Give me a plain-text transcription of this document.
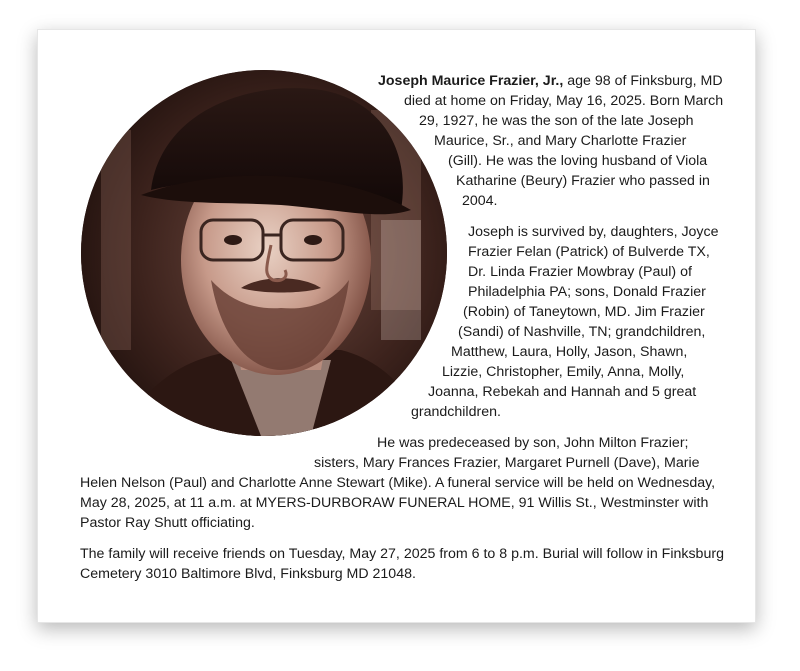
Joseph Maurice Frazier, Jr., age 98 of Finksburg, MD
died at home on Friday, May 16, 2025. Born March
29, 1927, he was the son of the late Joseph
Maurice, Sr., and Mary Charlotte Frazier
(Gill). He was the loving husband of Viola
Katharine (Beury) Frazier who passed in
2004.
Joseph is survived by, daughters, Joyce
Frazier Felan (Patrick) of Bulverde TX,
Dr. Linda Frazier Mowbray (Paul) of
Philadelphia PA; sons, Donald Frazier
(Robin) of Taneytown, MD. Jim Frazier
(Sandi) of Nashville, TN; grandchildren,
Matthew, Laura, Holly, Jason, Shawn,
Lizzie, Christopher, Emily, Anna, Molly,
Joanna, Rebekah and Hannah and 5 great
grandchildren.
He was predeceased by son, John Milton Frazier;
sisters, Mary Frances Frazier, Margaret Purnell (Dave), Marie
Helen Nelson (Paul) and Charlotte Anne Stewart (Mike). A funeral service will be held on Wednesday,
May 28, 2025, at 11 a.m. at MYERS-DURBORAW FUNERAL HOME, 91 Willis St., Westminster with
Pastor Ray Shutt officiating.
The family will receive friends on Tuesday, May 27, 2025 from 6 to 8 p.m. Burial will follow in Finksburg
Cemetery 3010 Baltimore Blvd, Finksburg MD 21048.
